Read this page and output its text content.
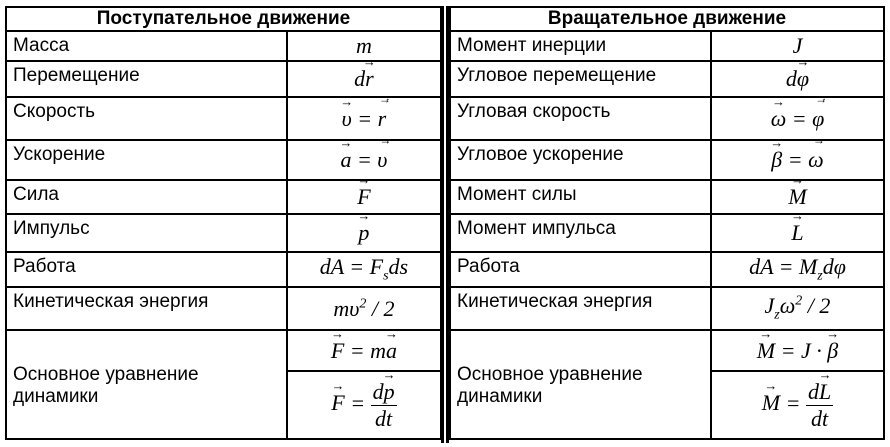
Поступательное движение	
Масса	m
Перемещение	dr →
Скорость	υ → = r →·
Ускорение	a → = υ →·
Сила	F →
Импульс	p →
Работа	dA = $F_sds$
Кинетическая энергия	$m\upsilon^2 / 2$
Основное уравнение динамики	F → = ma →
	F → = $\frac{dp \to}{dt}$
Вращательное движение	
Момент инерции	J
Угловое перемещение	dφ →
Угловая скорость	ω → = φ →·
Угловое ускорение	β → = ω →·
Момент силы	M →
Момент импульса	L →
Работа	dA = $M_zd\varphi$
Кинетическая энергия	$J_z\omega^2 / 2$
Основное уравнение динамики	M → = J · β →
	M → = $\frac{dL \to}{dt}$
